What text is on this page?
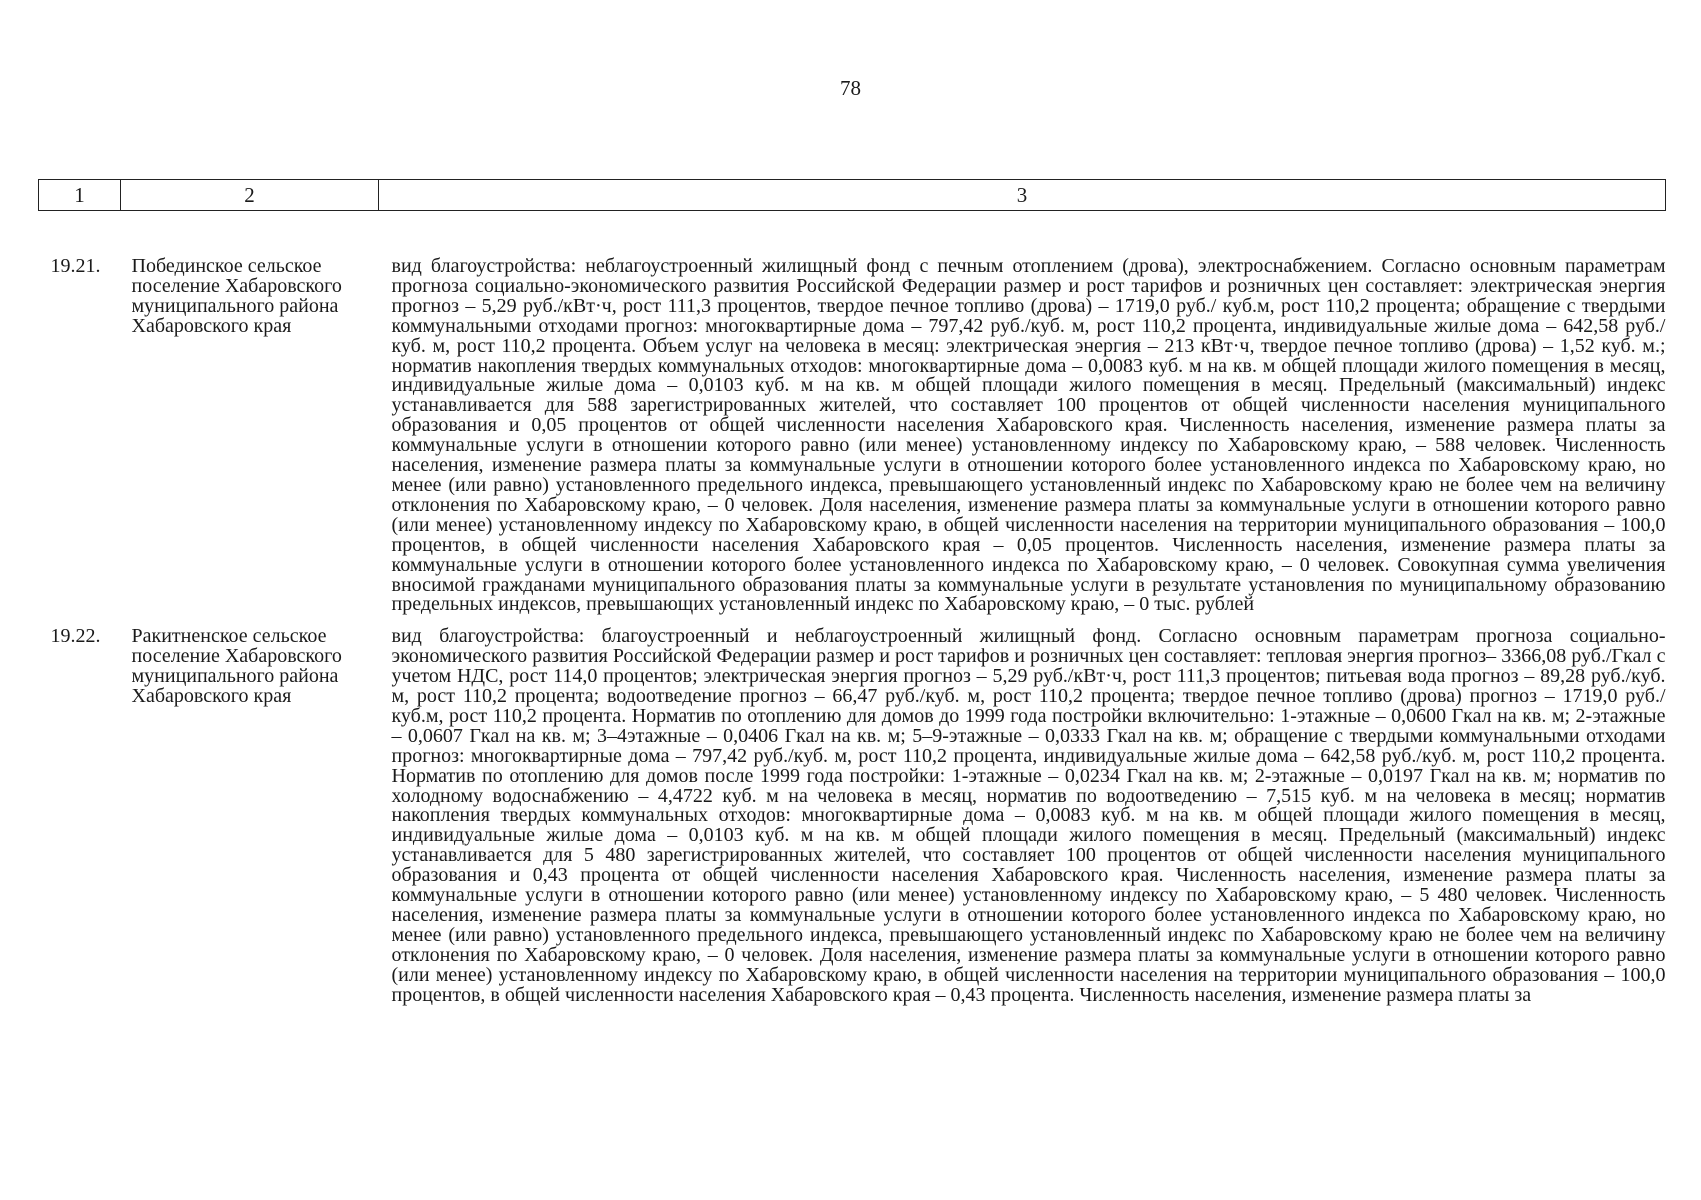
78
1	2	3
19.21.	Побединское сельское поселение Хабаровского муниципального района Хабаровского края	вид благоустройства: неблагоустроенный жилищный фонд с печным отоплением (дрова), электроснабжением. Согласно основным параметрам прогноза социально-экономического развития Российской Федерации размер и рост тарифов и розничных цен составляет: электрическая энергия прогноз – 5,29 руб./кВт·ч, рост 111,3 процентов, твердое печное топливо (дрова) – 1719,0 руб./ куб.м, рост 110,2 процента; обращение с твердыми коммунальными отходами прогноз: многоквартирные дома – 797,42 руб./куб. м, рост 110,2 процента, индивидуальные жилые дома – 642,58 руб./куб. м, рост 110,2 процента. Объем услуг на человека в месяц: электрическая энергия – 213 кВт·ч, твердое печное топливо (дрова) – 1,52 куб. м.; норматив накопления твердых коммунальных отходов: многоквартирные дома – 0,0083 куб. м на кв. м общей площади жилого помещения в месяц, индивидуальные жилые дома – 0,0103 куб. м на кв. м общей площади жилого помещения в месяц. Предельный (максимальный) индекс устанавливается для 588 зарегистрированных жителей, что составляет 100 процентов от общей численности населения муниципального образования и 0,05 процентов от общей численности населения Хабаровского края. Численность населения, изменение размера платы за коммунальные услуги в отношении которого равно (или менее) установленному индексу по Хабаровскому краю, – 588 человек. Численность населения, изменение размера платы за коммунальные услуги в отношении которого более установленного индекса по Хабаровскому краю, но менее (или равно) установленного предельного индекса, превышающего установленный индекс по Хабаровскому краю не более чем на величину отклонения по Хабаровскому краю, – 0 человек. Доля населения, изменение размера платы за коммунальные услуги в отношении которого равно (или менее) установленному индексу по Хабаровскому краю, в общей численности населения на территории муниципального образования – 100,0 процентов, в общей численности населения Хабаровского края – 0,05 процентов. Численность населения, изменение размера платы за коммунальные услуги в отношении которого более установленного индекса по Хабаровскому краю, – 0 человек. Совокупная сумма увеличения вносимой гражданами муниципального образования платы за коммунальные услуги в результате установления по муниципальному образованию предельных индексов, превышающих установленный индекс по Хабаровскому краю, – 0 тыс. рублей
19.22.	Ракитненское сельское поселение Хабаровского муниципального района Хабаровского края	вид благоустройства: благоустроенный и неблагоустроенный жилищный фонд. Согласно основным параметрам прогноза социально-экономического развития Российской Федерации размер и рост тарифов и розничных цен составляет: тепловая энергия прогноз– 3366,08 руб./Гкал с учетом НДС, рост 114,0 процентов; электрическая энергия прогноз – 5,29 руб./кВт·ч, рост 111,3 процентов; питьевая вода прогноз – 89,28 руб./куб. м, рост 110,2 процента; водоотведение прогноз – 66,47 руб./куб. м, рост 110,2 процента; твердое печное топливо (дрова) прогноз – 1719,0 руб./ куб.м, рост 110,2 процента. Норматив по отоплению для домов до 1999 года постройки включительно: 1-этажные – 0,0600 Гкал на кв. м; 2-этажные – 0,0607 Гкал на кв. м; 3–4этажные – 0,0406 Гкал на кв. м; 5–9-этажные – 0,0333 Гкал на кв. м; обращение с твердыми коммунальными отходами прогноз: многоквартирные дома – 797,42 руб./куб. м, рост 110,2 процента, индивидуальные жилые дома – 642,58 руб./куб. м, рост 110,2 процента. Норматив по отоплению для домов после 1999 года постройки: 1-этажные – 0,0234 Гкал на кв. м; 2-этажные – 0,0197 Гкал на кв. м; норматив по холодному водоснабжению – 4,4722 куб. м на человека в месяц, норматив по водоотведению – 7,515 куб. м на человека в месяц; норматив накопления твердых коммунальных отходов: многоквартирные дома – 0,0083 куб. м на кв. м общей площади жилого помещения в месяц, индивидуальные жилые дома – 0,0103 куб. м на кв. м общей площади жилого помещения в месяц. Предельный (максимальный) индекс устанавливается для 5 480 зарегистрированных жителей, что составляет 100 процентов от общей численности населения муниципального образования и 0,43 процента от общей численности населения Хабаровского края. Численность населения, изменение размера платы за коммунальные услуги в отношении которого равно (или менее) установленному индексу по Хабаровскому краю, – 5 480 человек. Численность населения, изменение размера платы за коммунальные услуги в отношении которого более установленного индекса по Хабаровскому краю, но менее (или равно) установленного предельного индекса, превышающего установленный индекс по Хабаровскому краю не более чем на величину отклонения по Хабаровскому краю, – 0 человек. Доля населения, изменение размера платы за коммунальные услуги в отношении которого равно (или менее) установленному индексу по Хабаровскому краю, в общей численности населения на территории муниципального образования – 100,0 процентов, в общей численности населения Хабаровского края – 0,43 процента. Численность населения, изменение размера платы за
